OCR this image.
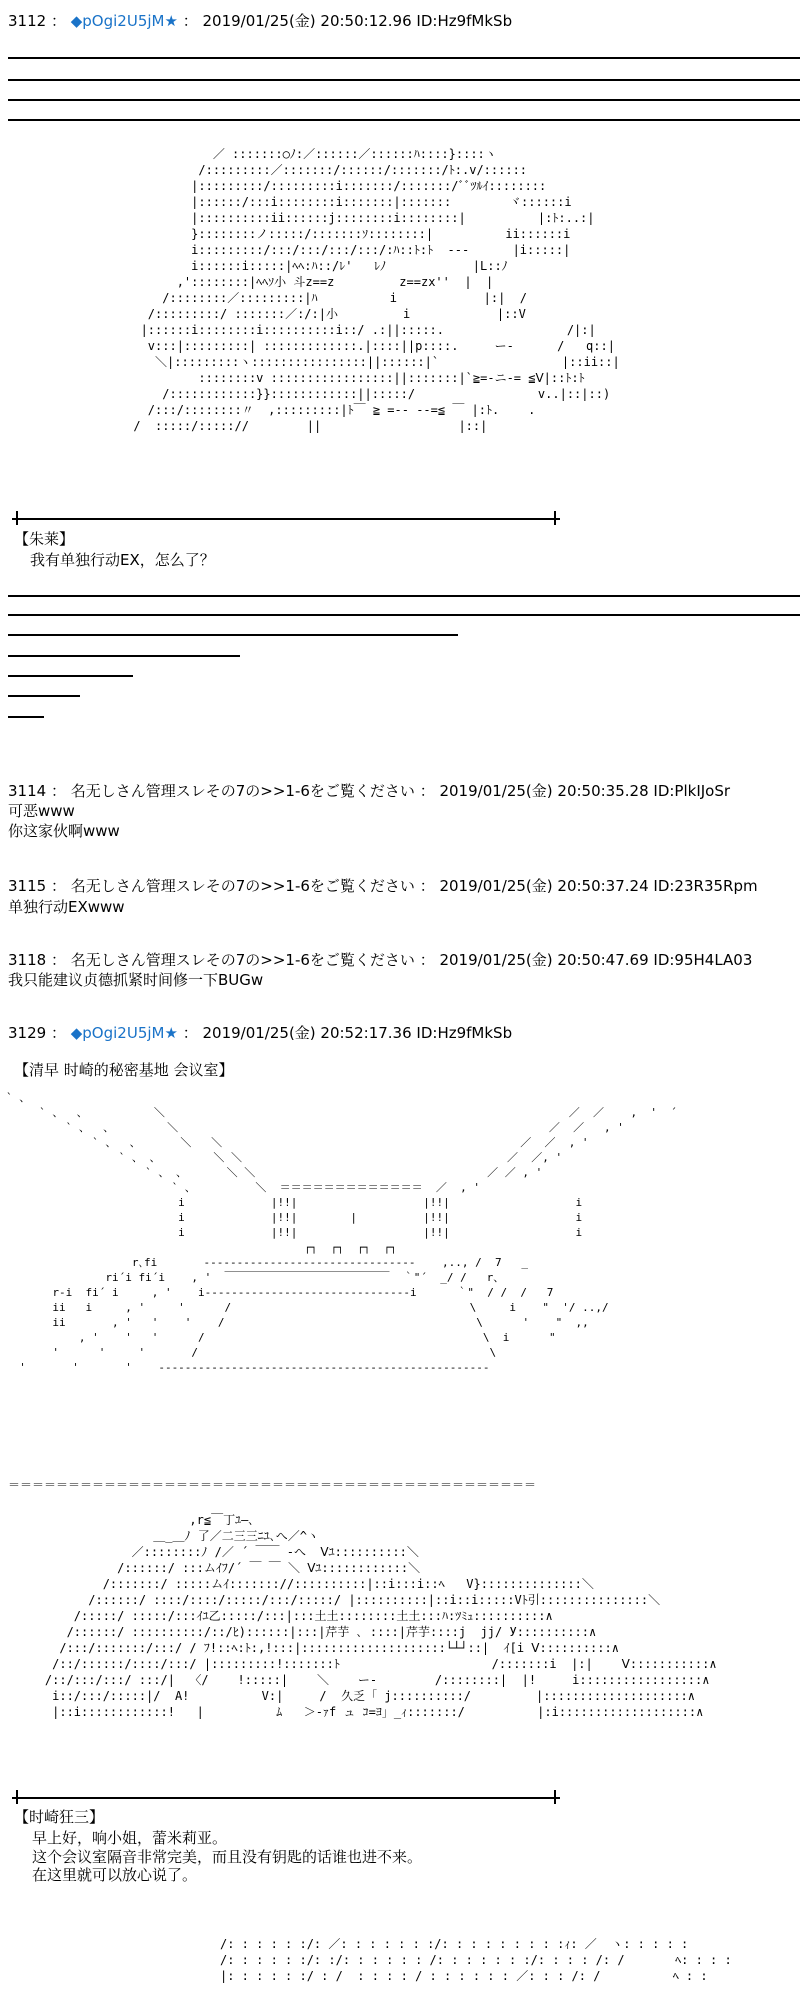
3112 ： ◆pOgi2U5jM★ ： 2019/01/25(金) 20:50:12.96 ID:Hz9fMkSb
／ :::::::○ﾉ:／::::::／::::::ﾊ::::}::::ヽ
/:::::::::／:::::::/::::::/:::::::/ﾄ:.v/::::::
|:::::::::/:::::::::i:::::::/:::::::/ﾞﾞﾂﾙｲ::::::::
|::::::/:::i::::::::i:::::::|:::::::        ヾ::::::i
|::::::::::ii::::::j::::::::i::::::::|          |:ﾄ:..:|
}::::::::ノ:::::/:::::::ｿ::::::::|          ii::::::i
i:::::::::/:::/:::/:::/:::/:ﾊ::ﾄ:ﾄ  ‐‐‐      |i:::::|
i::::::i:::::|ﾍﾍ:ﾊ::/ﾚ'   ﾚﾉ            |L::ﾉ
,'::::::::|ﾍﾍｿ小 斗z==z         z==zx''  |  |
/::::::::／:::::::::|ﾊ          i            |:|  /
/:::::::::/ :::::::／:/:|小         i            |::V
|::::::i::::::::i::::::::::i::/ .:||:::::.                 /|:|
v:::|:::::::::| :::::::::::::.|::::||p::::.     ー‐      /   q::|
＼|:::::::::ヽ::::::::::::::::||::::::|`                 |::ii::|
::::::::v :::::::::::::::::||:::::::|`≧=‐ニ‐= ≦Ⅴ|::ﾄ:ﾄ
/::::::::::::}}::::::::::::||:::::/                 v..|::|::)
/:::/::::::::〃  ,:::::::::|ﾄ￣ ≧ =‐‐ ‐‐=≦ ￣ |:ﾄ.    .
/  :::::/::::://        ||                   |::|
【朱莱】
我有单独行动EX，怎么了？
3114 ： 名无しさん管理スレその7の>>1-6をご覧ください ： 2019/01/25(金) 20:50:35.28 ID:PlkIJoSr
可恶www
你这家伙啊www
3115 ： 名无しさん管理スレその7の>>1-6をご覧ください ： 2019/01/25(金) 20:50:37.24 ID:23R35Rpm
单独行动EXwww
3118 ： 名无しさん管理スレその7の>>1-6をご覧ください ： 2019/01/25(金) 20:50:47.69 ID:95H4LA03
我只能建议贞德抓紧时间修一下BUGw
3129 ： ◆pOgi2U5jM★ ： 2019/01/25(金) 20:52:17.36 ID:Hz9fMkSb
【清早 时崎的秘密基地 会议室】
` 、
` 、  、          ＼                                                             ／  ／    ,  '  ´
` 、  、        ＼                                                        ／  ／   , '
` 、  、      ＼   ＼                                             ／  ／  , '
` 、 、        ＼ ＼                                        ／  ／, '
` 、 、      ＼ ＼                                   ／ ／ , '
` 、         ＼  ＝＝＝＝＝＝＝＝＝＝＝＝＝  ／  , '
i             |!!|                   |!!|                   i
i             |!!|        |          |!!|                   i
i             |!!|                   |!!|                   i
┌┐  ┌┐  ┌┐  ┌┐
r､fi       ‐‐‐‐‐‐‐‐‐‐‐‐‐‐‐‐‐‐‐‐‐‐‐‐‐‐‐‐‐‐‐‐    ,.., /  7   _
ri´i fi´i    , '  ￣￣￣￣￣￣￣￣￣￣￣￣￣￣￣  ｀"´  _/ /   r、
r‐i  fi´ i     , '    i‐‐‐‐‐‐‐‐‐‐‐‐‐‐‐‐‐‐‐‐‐‐‐‐‐‐‐‐‐‐‐i      ｀"  / /  /   7
ii   i     , '     '      /                                    \     i    "  '/ ..,/
ii       , '   '    '    /                                      \      '    "  ,,
, '    '   '      /                                          \  i      "
'      '     '       /                                            \
'       '       '    ‐‐‐‐‐‐‐‐‐‐‐‐‐‐‐‐‐‐‐‐‐‐‐‐‐‐‐‐‐‐‐‐‐‐‐‐‐‐‐‐‐‐‐‐‐‐‐‐‐‐
＝＝＝＝＝＝＝＝＝＝＝＝＝＝＝＝＝＝＝＝＝＝＝＝＝＝＝＝＝＝＝＝＝＝＝＝＝＝＝＝＝＝＝＝
,r≦￣丁ﾕ―､
＿_＿ﾉ 了／二三三ﾆﾕ､へ／^ヽ
／::::::::ﾉ /／ ´ ￣￣ ‐へ  Ⅴﾕ::::::::::＼
/::::::/ :::ムｲﾌ/´ ￣ ￣ ＼ Ⅴﾕ::::::::::::＼
/:::::::/ :::::ムｲ::::::://::::::::::|::i:::i::ﾍ   V}::::::::::::::＼
/::::::/ ::::/::::/:::::/:::/:::::/ |::::::::::|::i::i:::::Vﾄ引:::::::::::::::＼
/:::::/ :::::/:::ｲﾕ乙:::::/:::|:::土土::::::::土土:::ﾊ:ﾂﾐｭ::::::::::∧
/::::::/ ::::::::::/::/ﾋ)::::::|:::|芹芋 ､ ::::|芹芋::::j  jj/ У::::::::::∧
/:::/:::::::/:::/ / ﾌ!::ﾍ:ﾄ:,!:::|::::::::::::::::::::└┴┘::|  ｲ[i Ⅴ::::::::::∧
/::/::::::/::::/:::/ |:::::::::!:::::::ﾄ                     /:::::::i  |:|    Ⅴ:::::::::::∧
/::/:::/:::/ :::/|  〈/    !:::::|    ＼    ー‐        /::::::::|  |!     i:::::::::::::::::∧
i::/:::/:::::|/  A!          V:|     /  久乏「 j::::::::::/         |::::::::::::::::::::∧
|::i::::::::::::!   |          ﾑ   ＞‐ｧf ュ ｺ=ﾖ」_ｨ:::::::/          |:i:::::::::::::::::::∧
【时崎狂三】
早上好，响小姐，蕾米莉亚。
这个会议室隔音非常完美，而且没有钥匙的话谁也进不来。
在这里就可以放心说了。
/: : : : : :/: ／: : : : : : :/: : : : : : : : :ｨ: ／  ヽ: : : : :
/: : : : : :/: :/: : : : : : /: : : : : : :/: : : : /: /       ﾍ: : : :
|: : : : : :/ : /  : : : : / : : : : : : ／: : : /: /          ﾍ : :
